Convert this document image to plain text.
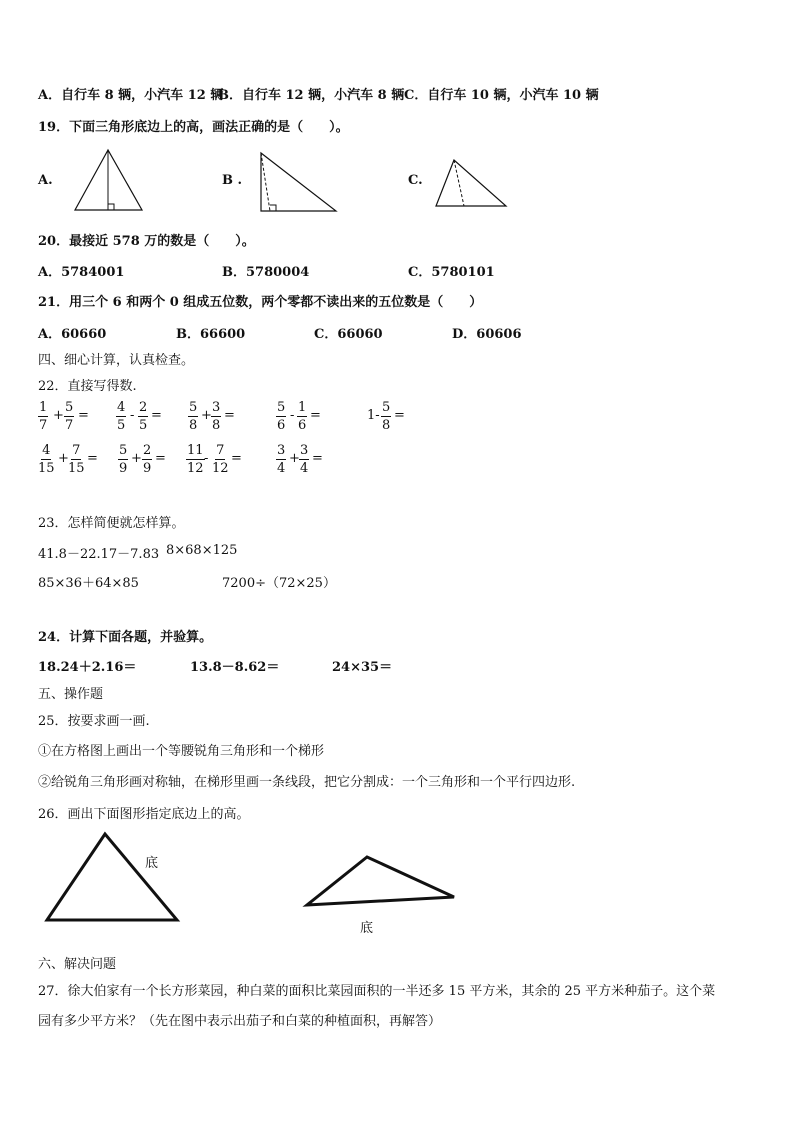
A．自行车 8 辆，小汽车 12 辆
B．自行车 12 辆，小汽车 8 辆 C．自行车 10 辆，小汽车 10 辆
19．下面三角形底边上的高，画法正确的是（　　）。
A.	B .	C.
20．最接近 578 万的数是（　　）。
A．5784001	B．5780004	C．5780101
21．用三个 6 和两个 0 组成五位数，两个零都不读出来的五位数是（　　）
A．60660	B．66600	C．66060	D．60606
四、细心计算，认真检查。
22．直接写得数.
$\frac{1}{7} + \frac{5}{7} = \frac{4}{5} - \frac{2}{5} = \frac{5}{8} + \frac{3}{8}$ =	$\frac{5}{6} - \frac{1}{6}$ =	$1- \frac{5}{8}$ =
$\frac{4}{15} + \frac{7}{15} = \frac{5}{9} + \frac{2}{9} = \frac{11}{12} - \frac{7}{12}$ =	$\frac{3}{4} + \frac{3}{4}$ =
23．怎样简便就怎样算。
41.8－22.17－7.83 8×68×125
85×36＋64×85	7200÷（72×25）
24．计算下面各题，并验算。
18.24＋2.16＝	13.8－8.62＝	24×35＝
五、操作题
25．按要求画一画.
①在方格图上画出一个等腰锐角三角形和一个梯形
②给锐角三角形画对称轴，在梯形里画一条线段，把它分割成：一个三角形和一个平行四边形.
26．画出下面图形指定底边上的高。
底
底
六、解决问题
27．徐大伯家有一个长方形菜园，种白菜的面积比菜园面积的一半还多 15 平方米，其余的 25 平方米种茄子。这个菜
园有多少平方米？（先在图中表示出茄子和白菜的种植面积，再解答）
